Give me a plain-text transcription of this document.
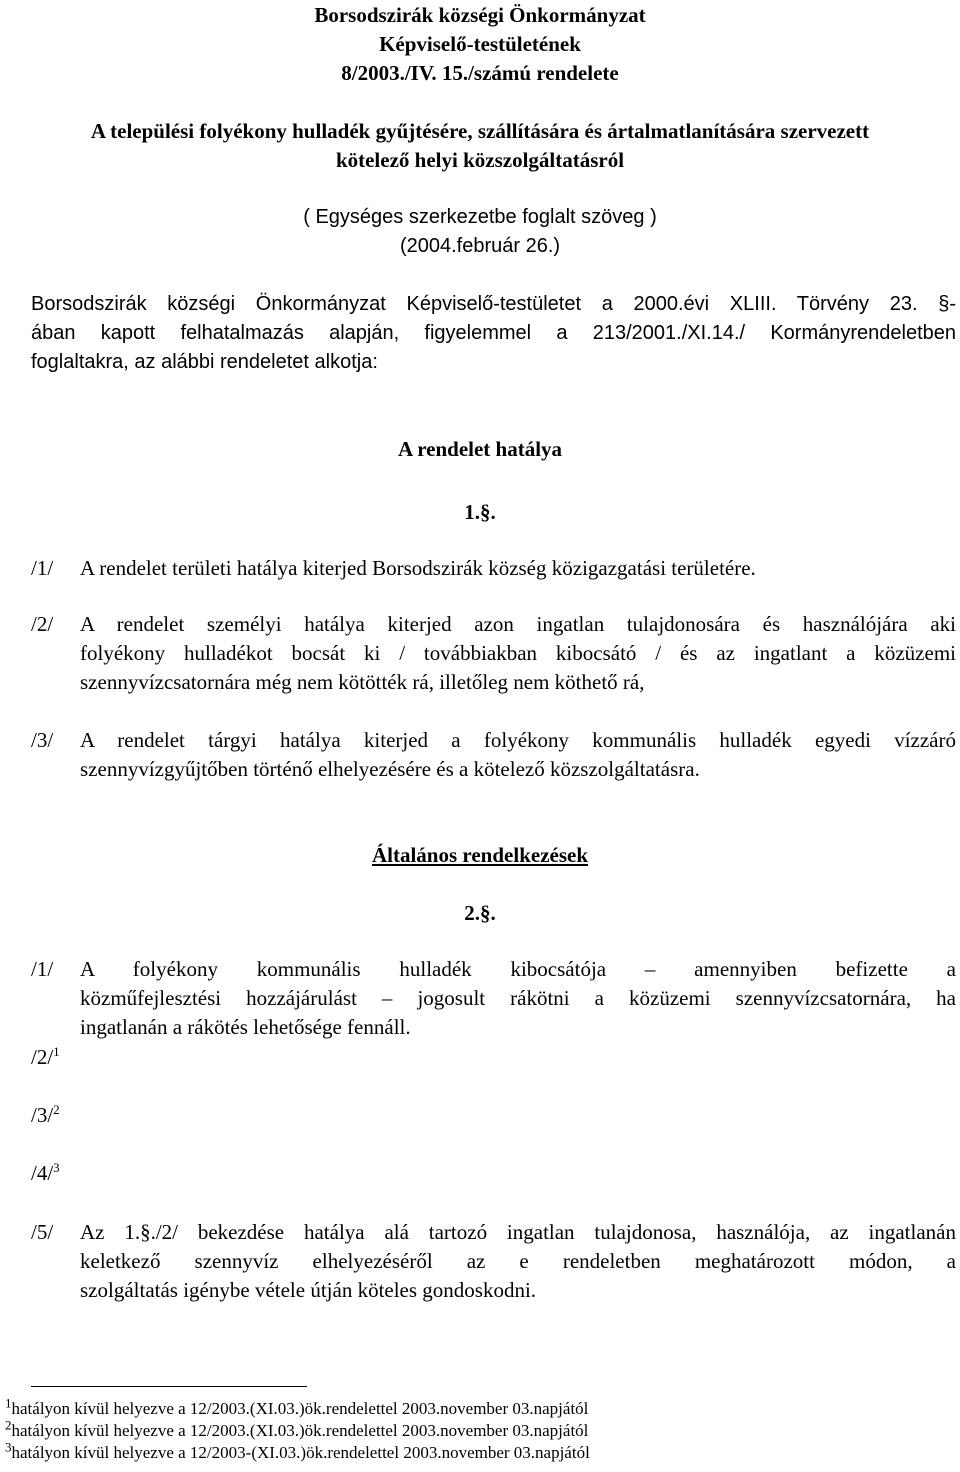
Borsodszirák községi Önkormányzat
Képviselő-testületének
8/2003./IV. 15./számú rendelete
A települési folyékony hulladék gyűjtésére, szállítására és ártalmatlanítására szervezett
kötelező helyi közszolgáltatásról
( Egységes szerkezetbe foglalt szöveg )
(2004.február 26.)
Borsodszirák községi Önkormányzat Képviselő-testületet a 2000.évi XLIII. Törvény 23. §-
ában kapott felhatalmazás alapján, figyelemmel a 213/2001./XI.14./ Kormányrendeletben
foglaltakra, az alábbi rendeletet alkotja:
A rendelet hatálya
1.§.
/1/ A rendelet területi hatálya kiterjed Borsodszirák község közigazgatási területére.
/2/ A rendelet személyi hatálya kiterjed azon ingatlan tulajdonosára és használójára aki
folyékony hulladékot bocsát ki / továbbiakban kibocsátó / és az ingatlant a közüzemi
szennyvízcsatornára még nem kötötték rá, illetőleg nem köthető rá,
/3/ A rendelet tárgyi hatálya kiterjed a folyékony kommunális hulladék egyedi vízzáró
szennyvízgyűjtőben történő elhelyezésére és a kötelező közszolgáltatásra.
Általános rendelkezések
2.§.
/1/ A folyékony kommunális hulladék kibocsátója – amennyiben befizette a
közműfejlesztési hozzájárulást – jogosult rákötni a közüzemi szennyvízcsatornára, ha
ingatlanán a rákötés lehetősége fennáll.
/2/$^1$
/3/$^2$
/4/$^3$
/5/ Az 1.§./2/ bekezdése hatálya alá tartozó ingatlan tulajdonosa, használója, az ingatlanán
keletkező szennyvíz elhelyezéséről az e rendeletben meghatározott módon, a
szolgáltatás igénybe vétele útján köteles gondoskodni.
$^1$hatályon kívül helyezve a 12/2003.(XI.03.)ök.rendelettel 2003.november 03.napjától
$^2$hatályon kívül helyezve a 12/2003.(XI.03.)ök.rendelettel 2003.november 03.napjától
$^3$hatályon kívül helyezve a 12/2003-(XI.03.)ök.rendelettel 2003.november 03.napjától
